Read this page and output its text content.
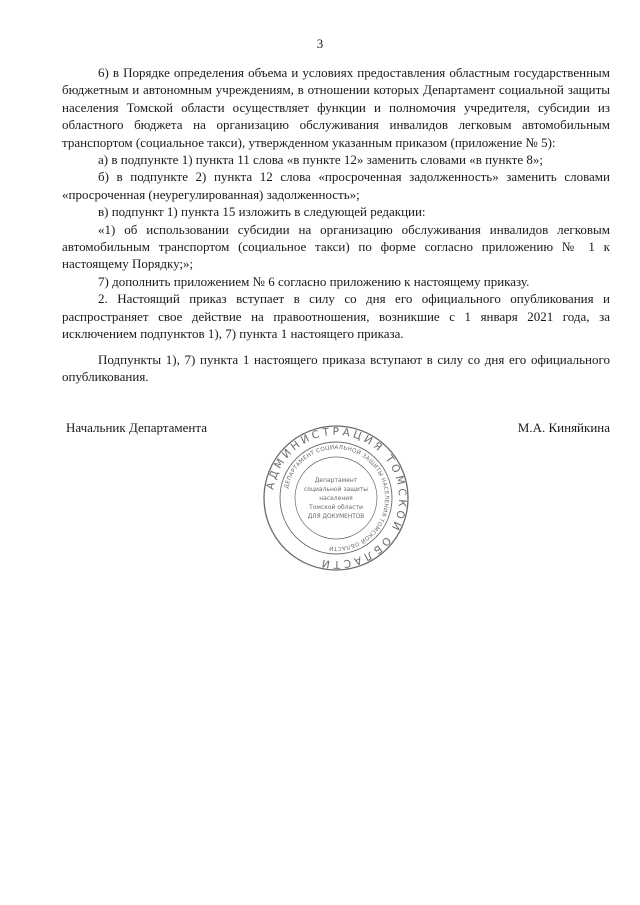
3

6) в Порядке определения объема и условиях предоставления областным государственным бюджетным и автономным учреждениям, в отношении которых Департамент социальной защиты населения Томской области осуществляет функции и полномочия учредителя, субсидии из областного бюджета на организацию обслуживания инвалидов легковым автомобильным транспортом (социальное такси), утвержденном указанным приказом (приложение № 5):

а) в подпункте 1) пункта 11 слова «в пункте 12» заменить словами «в пункте 8»;

б) в подпункте 2) пункта 12 слова «просроченная задолженность» заменить словами «просроченная (неурегулированная) задолженность»;

в) подпункт 1) пункта 15 изложить в следующей редакции:

«1) об использовании субсидии на организацию обслуживания инвалидов легковым автомобильным транспортом (социальное такси) по форме согласно приложению № 1 к настоящему Порядку;»;

7) дополнить приложением № 6 согласно приложению к настоящему приказу.

2. Настоящий приказ вступает в силу со дня его официального опубликования и распространяет свое действие на правоотношения, возникшие с 1 января 2021 года, за исключением подпунктов 1), 7) пункта 1 настоящего приказа.

Подпункты 1), 7) пункта 1 настоящего приказа вступают в силу со дня его официального опубликования.

Начальник Департамента	М.А. Киняйкина
АДМИНИСТРАЦИЯ ТОМСКОЙ ОБЛАСТИ
ДЕПАРТАМЕНТ СОЦИАЛЬНОЙ ЗАЩИТЫ НАСЕЛЕНИЯ ТОМСКОЙ ОБЛАСТИ
Департамент
социальной защиты
населения
Томской области
ДЛЯ ДОКУМЕНТОВ
